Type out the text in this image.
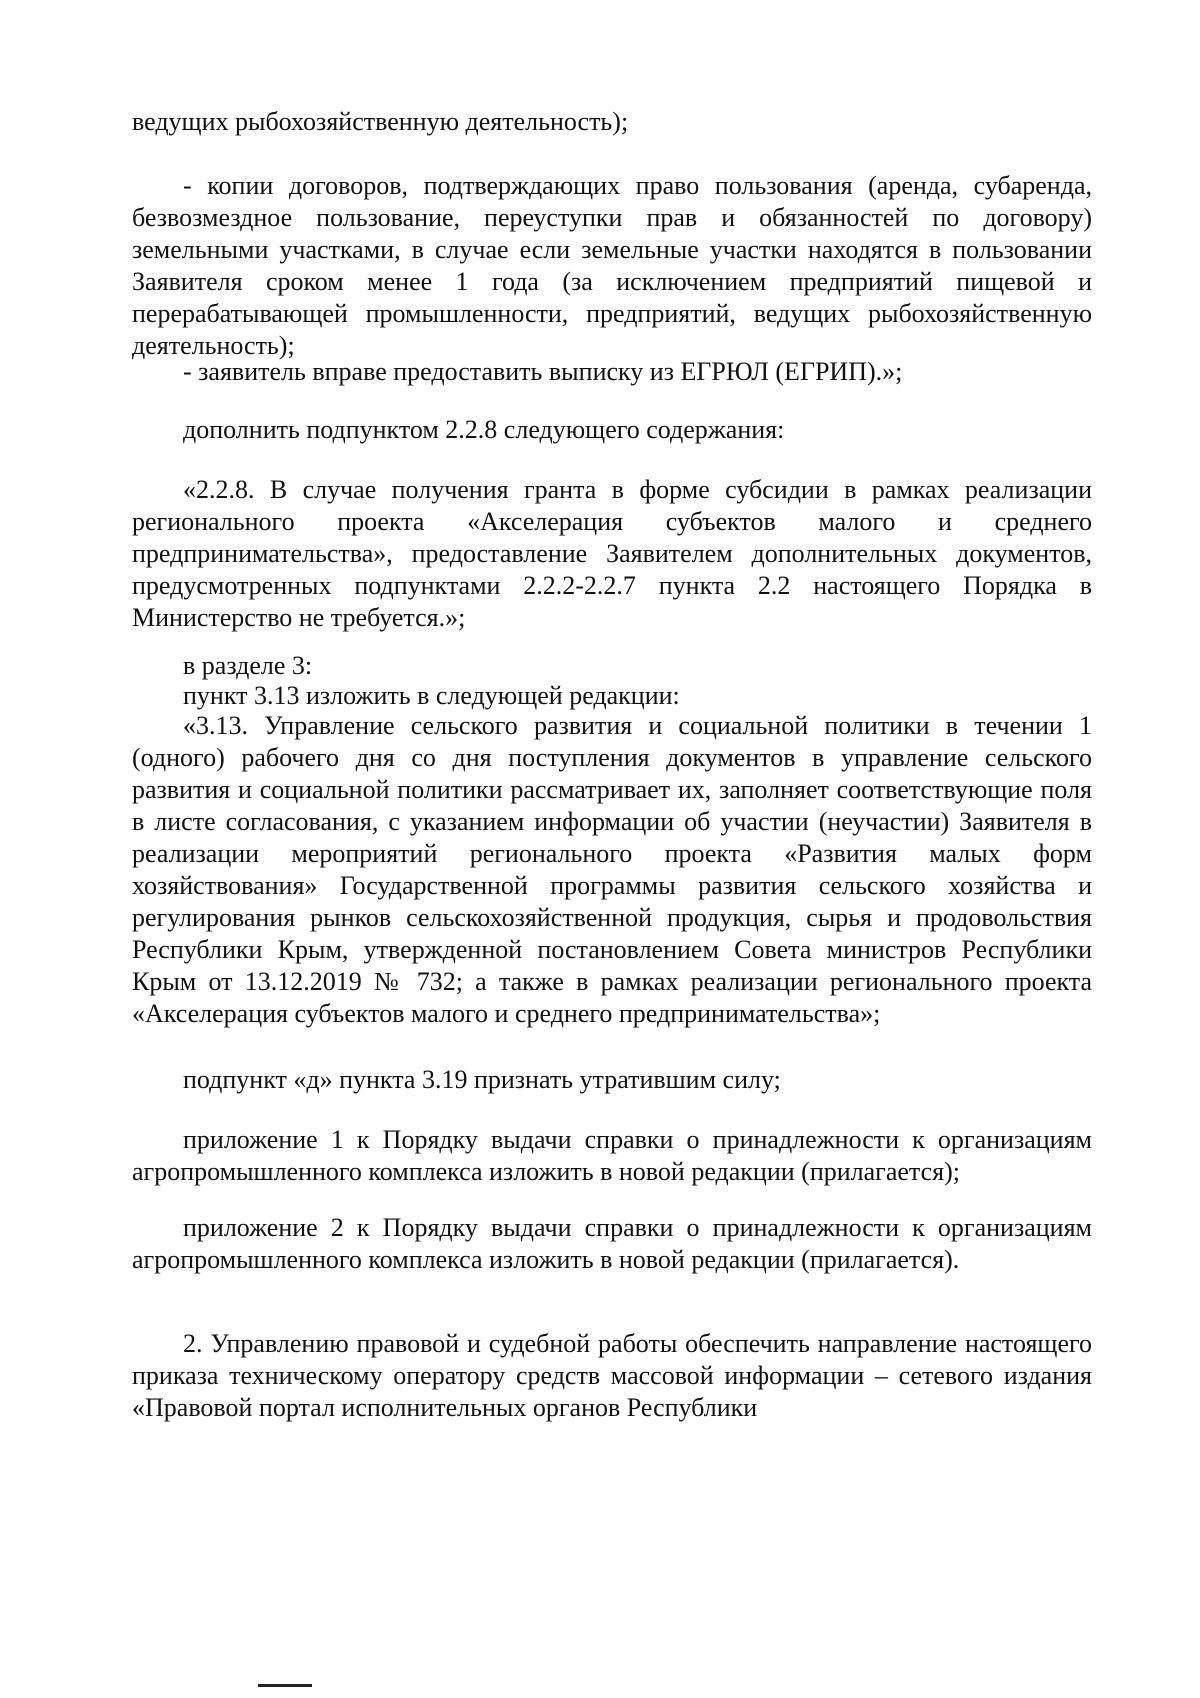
ведущих рыбохозяйственную деятельность);

- копии договоров, подтверждающих право пользования (аренда, субаренда, безвозмездное пользование, переуступки прав и обязанностей по договору) земельными участками, в случае если земельные участки находятся в пользовании Заявителя сроком менее 1 года (за исключением предприятий пищевой и перерабатывающей промышленности, предприятий, ведущих рыбохозяйственную деятельность);

- заявитель вправе предоставить выписку из ЕГРЮЛ (ЕГРИП).»;

дополнить подпунктом 2.2.8 следующего содержания:

«2.2.8. В случае получения гранта в форме субсидии в рамках реализации регионального проекта «Акселерация субъектов малого и среднего предпринимательства», предоставление Заявителем дополнительных документов, предусмотренных подпунктами 2.2.2-2.2.7 пункта 2.2 настоящего Порядка в Министерство не требуется.»;

в разделе 3:

пункт 3.13 изложить в следующей редакции:

«3.13. Управление сельского развития и социальной политики в течении 1 (одного) рабочего дня со дня поступления документов в управление сельского развития и социальной политики рассматривает их, заполняет соответствующие поля в листе согласования, с указанием информации об участии (неучастии) Заявителя в реализации мероприятий регионального проекта «Развития малых форм хозяйствования» Государственной программы развития сельского хозяйства и регулирования рынков сельскохозяйственной продукция, сырья и продовольствия Республики Крым, утвержденной постановлением Совета министров Республики Крым от 13.12.2019 № 732; а также в рамках реализации регионального проекта «Акселерация субъектов малого и среднего предпринимательства»;

подпункт «д» пункта 3.19 признать утратившим силу;

приложение 1 к Порядку выдачи справки о принадлежности к организациям агропромышленного комплекса изложить в новой редакции (прилагается);

приложение 2 к Порядку выдачи справки о принадлежности к организациям агропромышленного комплекса изложить в новой редакции (прилагается).

2. Управлению правовой и судебной работы обеспечить направление настоящего приказа техническому оператору средств массовой информации – сетевого издания «Правовой портал исполнительных органов Республики
